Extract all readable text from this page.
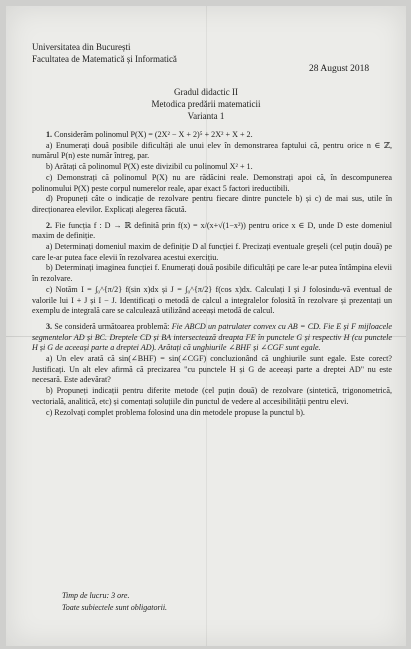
Universitatea din București
Facultatea de Matematică și Informatică
28 August 2018
Gradul didactic II
Metodica predării matematicii
Varianta 1

1. Considerăm polinomul P(X) = (2X² − X + 2)⁵ + 2X² + X + 2.

a) Enumerați două posibile dificultăți ale unui elev în demonstrarea faptului că, pentru orice n ∈ ℤ, numărul P(n) este număr întreg, par.

b) Arătați că polinomul P(X) este divizibil cu polinomul X² + 1.

c) Demonstrați că polinomul P(X) nu are rădăcini reale. Demonstrați apoi că, în descompunerea polinomului P(X) peste corpul numerelor reale, apar exact 5 factori ireductibili.

d) Propuneți câte o indicație de rezolvare pentru fiecare dintre punctele b) și c) de mai sus, utile în direcționarea elevilor. Explicați alegerea făcută.

2. Fie funcția f : D → ℝ definită prin f(x) = x/(x+√(1−x²)) pentru orice x ∈ D, unde D este domeniul maxim de definiție.

a) Determinați domeniul maxim de definiție D al funcției f. Precizați eventuale greșeli (cel puțin două) pe care le-ar putea face elevii în rezolvarea acestui exercițiu.

b) Determinați imaginea funcției f. Enumerați două posibile dificultăți pe care le-ar putea întâmpina elevii în rezolvare.

c) Notăm I = ∫₀^{π/2} f(sin x)dx și J = ∫₀^{π/2} f(cos x)dx. Calculați I și J folosindu-vă eventual de valorile lui I + J și I − J. Identificați o metodă de calcul a integralelor folosită în rezolvare și prezentați un exemplu de integrală care se calculează utilizând aceeași metodă de calcul.

3. Se consideră următoarea problemă: Fie ABCD un patrulater convex cu AB = CD. Fie E și F mijloacele segmentelor AD și BC. Dreptele CD și BA intersectează dreapta FE în punctele G și respectiv H (cu punctele H și G de aceeași parte a dreptei AD). Arătați că unghiurile ∠BHF și ∠CGF sunt egale.

a) Un elev arată că sin(∠BHF) = sin(∠CGF) concluzionând că unghiurile sunt egale. Este corect? Justificați. Un alt elev afirmă că precizarea "cu punctele H și G de aceeași parte a dreptei AD" nu este necesară. Este adevărat?

b) Propuneți indicații pentru diferite metode (cel puțin două) de rezolvare (sintetică, trigonometrică, vectorială, analitică, etc) și comentați soluțiile din punctul de vedere al accesibilității pentru elevi.

c) Rezolvați complet problema folosind una din metodele propuse la punctul b).

Timp de lucru: 3 ore.
Toate subiectele sunt obligatorii.
